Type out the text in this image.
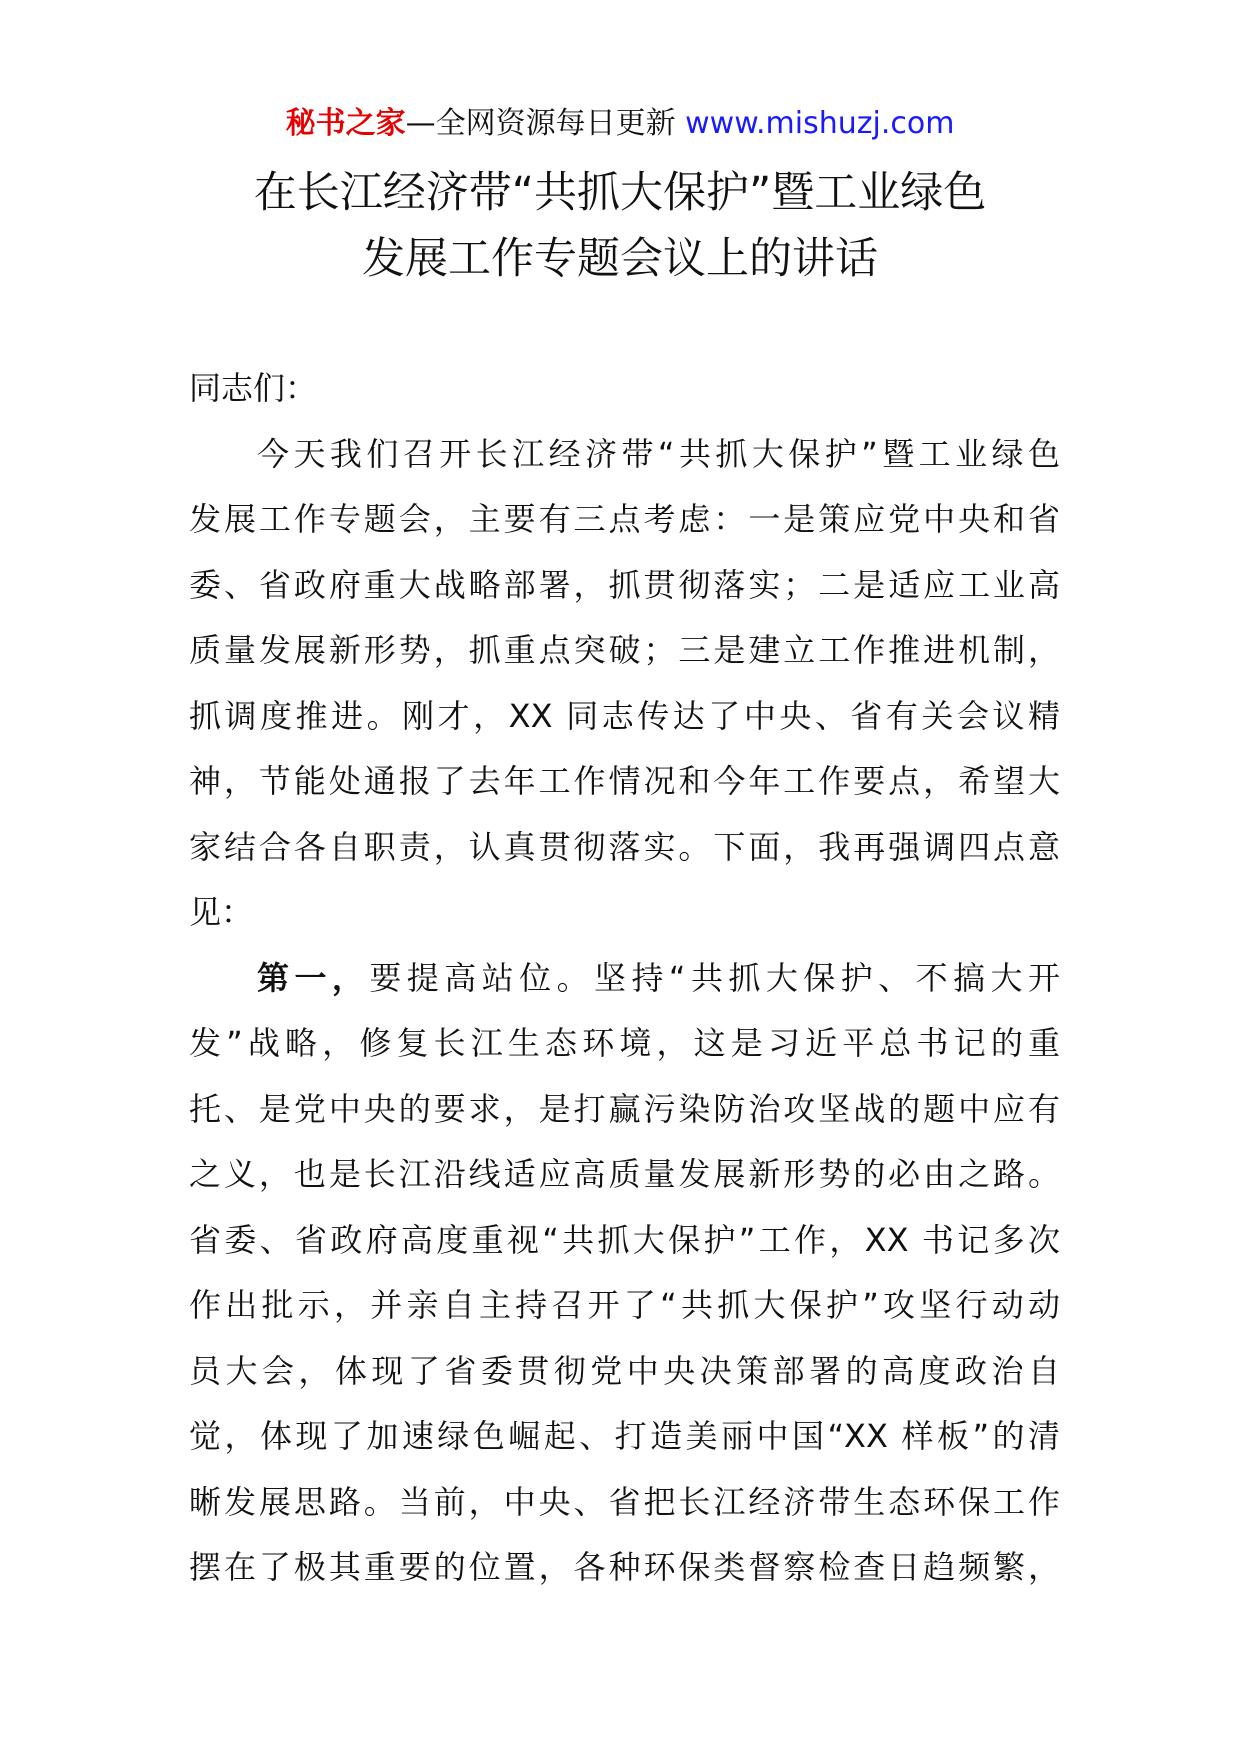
秘书之家—全网资源每日更新 www.mishuzj.com
在长江经济带“共抓大保护”暨工业绿色
发展工作专题会议上的讲话
同志们：
今天我们召开长江经济带“共抓大保护”暨工业绿色
发展工作专题会，主要有三点考虑：一是策应党中央和省
委、省政府重大战略部署，抓贯彻落实；二是适应工业高
质量发展新形势，抓重点突破；三是建立工作推进机制，
抓调度推进。刚才，XX 同志传达了中央、省有关会议精
神，节能处通报了去年工作情况和今年工作要点，希望大
家结合各自职责，认真贯彻落实。下面，我再强调四点意
见：
第一，要提高站位。坚持“共抓大保护、不搞大开
发”战略，修复长江生态环境，这是习近平总书记的重
托、是党中央的要求，是打赢污染防治攻坚战的题中应有
之义，也是长江沿线适应高质量发展新形势的必由之路。
省委、省政府高度重视“共抓大保护”工作，XX 书记多次
作出批示，并亲自主持召开了“共抓大保护”攻坚行动动
员大会，体现了省委贯彻党中央决策部署的高度政治自
觉，体现了加速绿色崛起、打造美丽中国“XX 样板”的清
晰发展思路。当前，中央、省把长江经济带生态环保工作
摆在了极其重要的位置，各种环保类督察检查日趋频繁，
